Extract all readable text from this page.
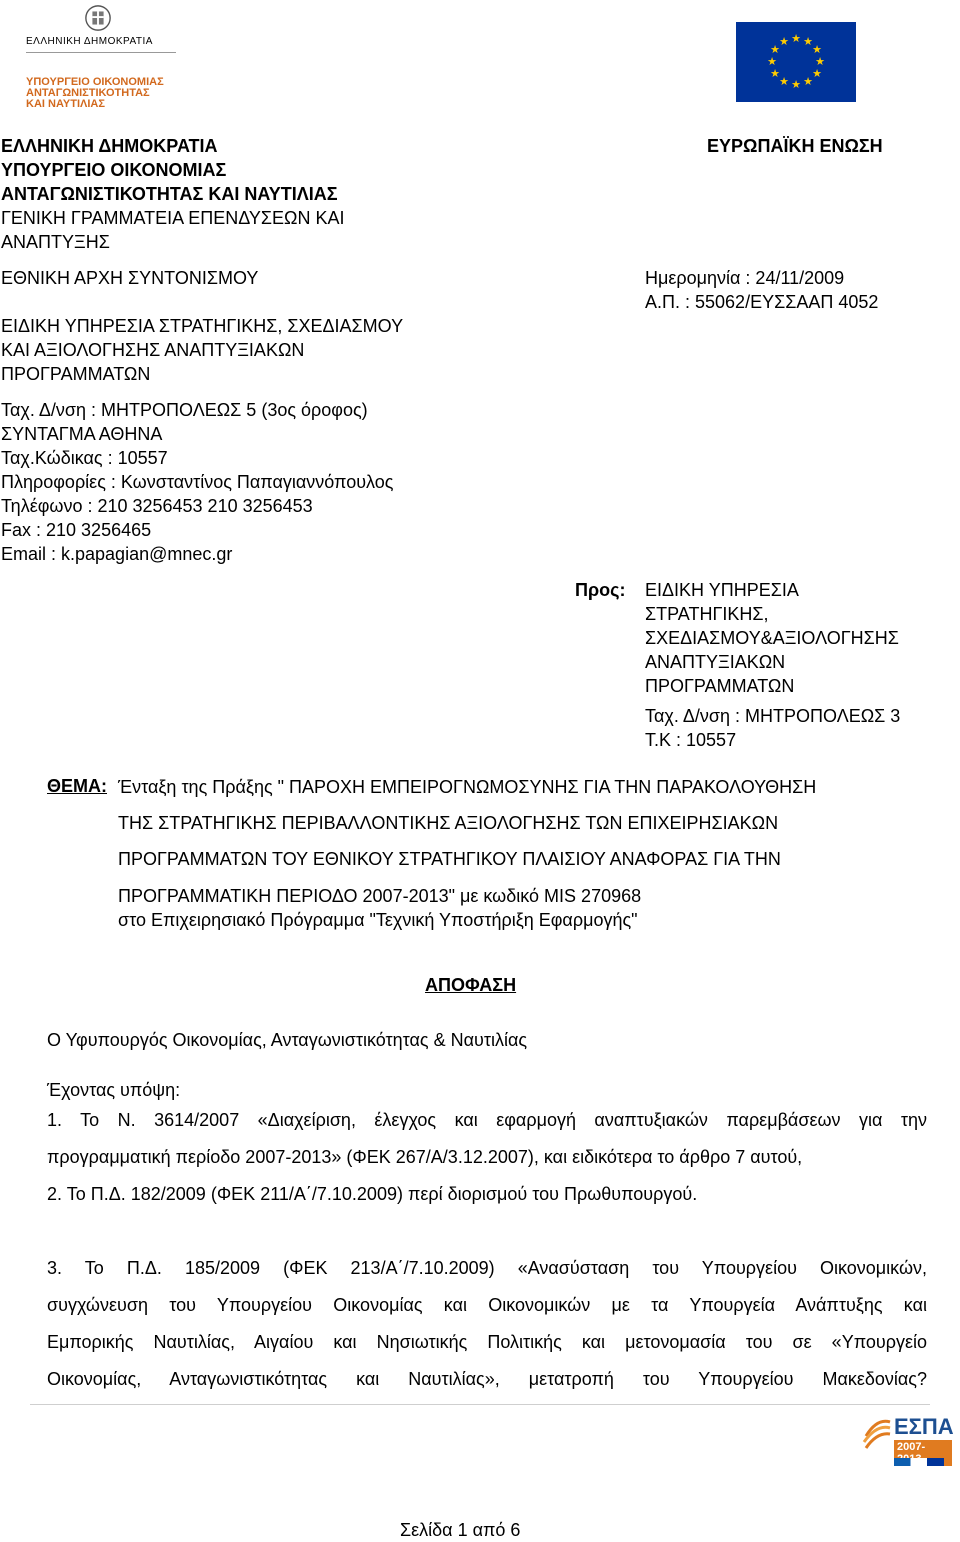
ΕΛΛΗΝΙΚΗ ΔΗΜΟΚΡΑΤΙΑ
ΥΠΟΥΡΓΕΙΟ ΟΙΚΟΝΟΜΙΑΣ
ΑΝΤΑΓΩΝΙΣΤΙΚΟΤΗΤΑΣ
ΚΑΙ ΝΑΥΤΙΛΙΑΣ
★ ★
★
★
★
★
★
★
★
★
★
★
ΕΛΛΗΝΙΚΗ ΔΗΜΟΚΡΑΤΙΑ	ΕΥΡΩΠΑΪΚΗ ΕΝΩΣΗ
ΥΠΟΥΡΓΕΙΟ ΟΙΚΟΝΟΜΙΑΣ
ΑΝΤΑΓΩΝΙΣΤΙΚΟΤΗΤΑΣ ΚΑΙ ΝΑΥΤΙΛΙΑΣ
ΓΕΝΙΚΗ ΓΡΑΜΜΑΤΕΙΑ ΕΠΕΝΔΥΣΕΩΝ ΚΑΙ
ΑΝΑΠΤΥΞΗΣ
ΕΘΝΙΚΗ ΑΡΧΗ ΣΥΝΤΟΝΙΣΜΟΥ	Ημερομηνία : 24/11/2009
Α.Π. : 55062/ΕΥΣΣΑΑΠ 4052
ΕΙΔΙΚΗ ΥΠΗΡΕΣΙΑ ΣΤΡΑΤΗΓΙΚΗΣ, ΣΧΕΔΙΑΣΜΟΥ
ΚΑΙ ΑΞΙΟΛΟΓΗΣΗΣ ΑΝΑΠΤΥΞΙΑΚΩΝ
ΠΡΟΓΡΑΜΜΑΤΩΝ
Ταχ. Δ/νση : ΜΗΤΡΟΠΟΛΕΩΣ 5 (3ος όροφος)
ΣΥΝΤΑΓΜΑ ΑΘΗΝΑ
Ταχ.Κώδικας : 10557
Πληροφορίες : Κωνσταντίνος Παπαγιαννόπουλος
Τηλέφωνο : 210 3256453 210 3256453
Fax : 210 3256465
Email : k.papagian@mnec.gr
Προς: ΕΙΔΙΚΗ ΥΠΗΡΕΣΙΑ
ΣΤΡΑΤΗΓΙΚΗΣ,
ΣΧΕΔΙΑΣΜΟΥ&ΑΞΙΟΛΟΓΗΣΗΣ
ΑΝΑΠΤΥΞΙΑΚΩΝ
ΠΡΟΓΡΑΜΜΑΤΩΝ
Ταχ. Δ/νση : ΜΗΤΡΟΠΟΛΕΩΣ 3
Τ.Κ : 10557
ΘΕΜΑ: Ένταξη της Πράξης " ΠΑΡΟΧΗ ΕΜΠΕΙΡΟΓΝΩΜΟΣΥΝΗΣ ΓΙΑ ΤΗΝ ΠΑΡΑΚΟΛΟΥΘΗΣΗ
ΤΗΣ ΣΤΡΑΤΗΓΙΚΗΣ ΠΕΡΙΒΑΛΛΟΝΤΙΚΗΣ ΑΞΙΟΛΟΓΗΣΗΣ ΤΩΝ ΕΠΙΧΕΙΡΗΣΙΑΚΩΝ
ΠΡΟΓΡΑΜΜΑΤΩΝ ΤΟΥ ΕΘΝΙΚΟΥ ΣΤΡΑΤΗΓΙΚΟΥ ΠΛΑΙΣΙΟΥ ΑΝΑΦΟΡΑΣ ΓΙΑ ΤΗΝ
ΠΡΟΓΡΑΜΜΑΤΙΚΗ ΠΕΡΙΟΔΟ 2007-2013" με κωδικό MIS 270968
στο Επιχειρησιακό Πρόγραμμα "Τεχνική Υποστήριξη Εφαρμογής"
ΑΠΟΦΑΣΗ
Ο Υφυπουργός Οικονομίας, Ανταγωνιστικότητας & Ναυτιλίας
Έχοντας υπόψη:
1. Το Ν. 3614/2007 «Διαχείριση, έλεγχος και εφαρμογή αναπτυξιακών παρεμβάσεων για την
προγραμματική περίοδο 2007-2013» (ΦΕΚ 267/Α/3.12.2007), και ειδικότερα το άρθρο 7 αυτού,
2. Το Π.Δ. 182/2009 (ΦΕΚ 211/Α΄/7.10.2009) περί διορισμού του Πρωθυπουργού.
3. Το Π.Δ. 185/2009 (ΦΕΚ 213/Α΄/7.10.2009) «Ανασύσταση του Υπουργείου Οικονομικών,
συγχώνευση του Υπουργείου Οικονομίας και Οικονομικών με τα Υπουργεία Ανάπτυξης και
Εμπορικής Ναυτιλίας, Αιγαίου και Νησιωτικής Πολιτικής και μετονομασία του σε «Υπουργείο
Οικονομίας, Ανταγωνιστικότητας και Ναυτιλίας», μετατροπή του Υπουργείου Μακεδονίας?
ΕΣΠΑ
2007-
Σελίδα 1 από 6
